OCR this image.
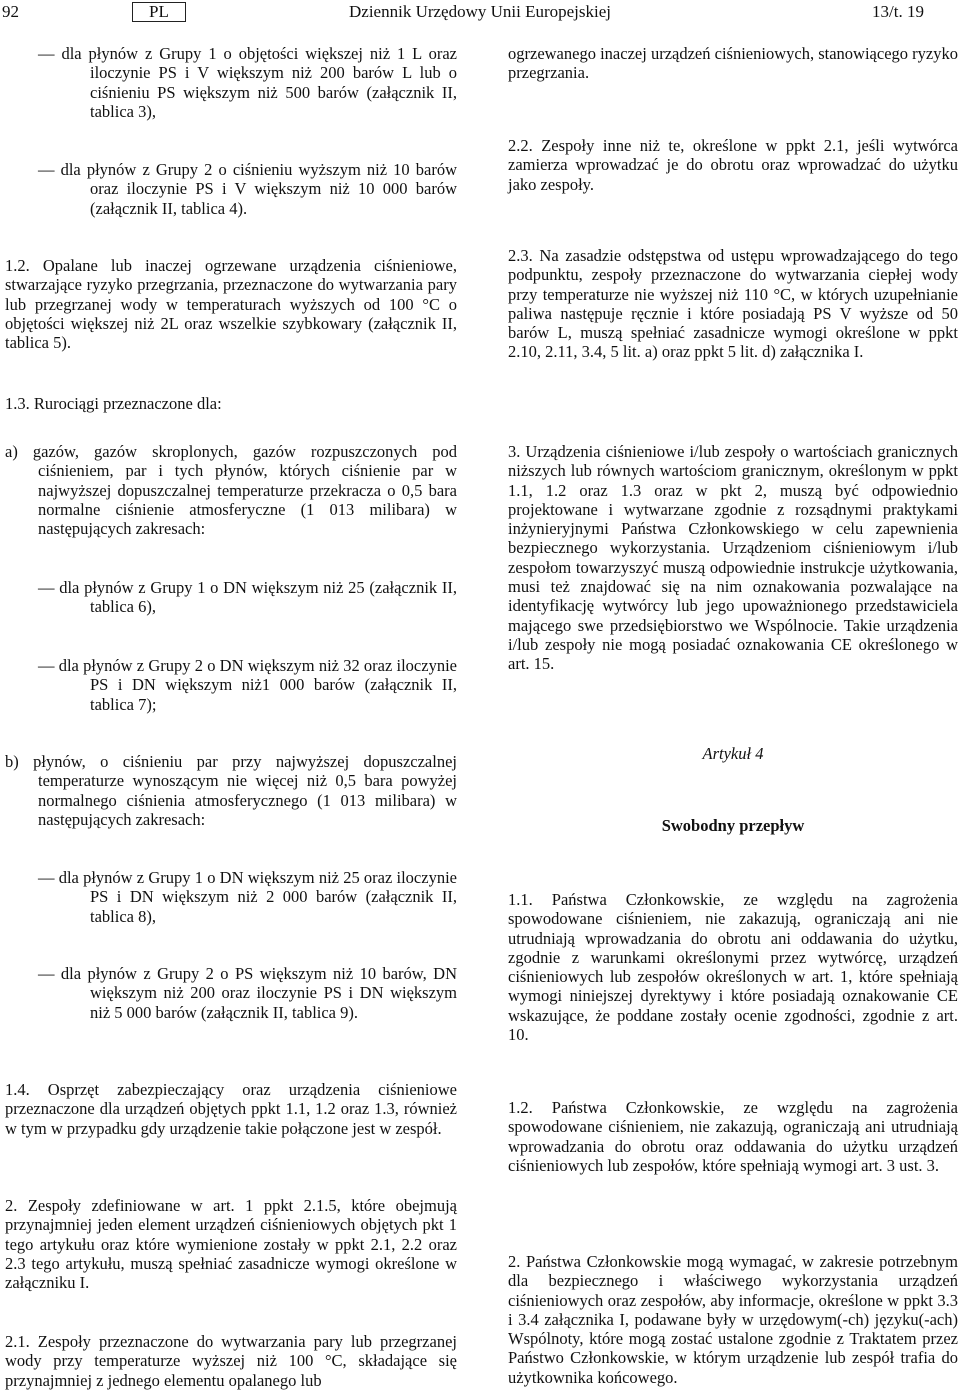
92	PL	Dziennik Urzędowy Unii Europejskiej	13/t. 19
— dla płynów z Grupy 1 o objętości większej niż 1 L oraz iloczynie PS i V większym niż 200 barów L lub o ciśnieniu PS większym niż 500 barów (załącznik II, tablica 3),
— dla płynów z Grupy 2 o ciśnieniu wyższym niż 10 barów oraz iloczynie PS i V większym niż 10 000 barów (załącznik II, tablica 4).
1.2. Opalane lub inaczej ogrzewane urządzenia ciśnieniowe, stwarzające ryzyko przegrzania, przeznaczone do wytwarzania pary lub przegrzanej wody w temperaturach wyższych od 100 °C o objętości większej niż 2L oraz wszelkie szybkowary (załącznik II, tablica 5).
1.3. Rurociągi przeznaczone dla:
a) gazów, gazów skroplonych, gazów rozpuszczonych pod ciśnieniem, par i tych płynów, których ciśnienie par w najwyższej dopuszczalnej temperaturze przekracza o 0,5 bara normalne ciśnienie atmosferyczne (1 013 milibara) w następujących zakresach:
— dla płynów z Grupy 1 o DN większym niż 25 (załącznik II, tablica 6),
— dla płynów z Grupy 2 o DN większym niż 32 oraz iloczynie PS i DN większym niż1 000 barów (załącznik II, tablica 7);
b) płynów, o ciśnieniu par przy najwyższej dopuszczalnej temperaturze wynoszącym nie więcej niż 0,5 bara powyżej normalnego ciśnienia atmosferycznego (1 013 milibara) w następujących zakresach:
— dla płynów z Grupy 1 o DN większym niż 25 oraz iloczynie PS i DN większym niż 2 000 barów (załącznik II, tablica 8),
— dla płynów z Grupy 2 o PS większym niż 10 barów, DN większym niż 200 oraz iloczynie PS i DN większym niż 5 000 barów (załącznik II, tablica 9).
1.4. Osprzęt zabezpieczający oraz urządzenia ciśnieniowe przeznaczone dla urządzeń objętych ppkt 1.1, 1.2 oraz 1.3, również w tym w przypadku gdy urządzenie takie połączone jest w zespół.
2. Zespoły zdefiniowane w art. 1 ppkt 2.1.5, które obejmują przynajmniej jeden element urządzeń ciśnieniowych objętych pkt 1 tego artykułu oraz które wymienione zostały w ppkt 2.1, 2.2 oraz 2.3 tego artykułu, muszą spełniać zasadnicze wymogi określone w załączniku I.
2.1. Zespoły przeznaczone do wytwarzania pary lub przegrzanej wody przy temperaturze wyższej niż 100 °C, składające się przynajmniej z jednego elementu opalanego lub
ogrzewanego inaczej urządzeń ciśnieniowych, stanowiącego ryzyko przegrzania.
2.2. Zespoły inne niż te, określone w ppkt 2.1, jeśli wytwórca zamierza wprowadzać je do obrotu oraz wprowadzać do użytku jako zespoły.
2.3. Na zasadzie odstępstwa od ustępu wprowadzającego do tego podpunktu, zespoły przeznaczone do wytwarzania ciepłej wody przy temperaturze nie wyższej niż 110 °C, w których uzupełnianie paliwa następuje ręcznie i które posiadają PS V wyższe od 50 barów L, muszą spełniać zasadnicze wymogi określone w ppkt 2.10, 2.11, 3.4, 5 lit. a) oraz ppkt 5 lit. d) załącznika I.
3. Urządzenia ciśnieniowe i/lub zespoły o wartościach granicznych niższych lub równych wartościom granicznym, określonym w ppkt 1.1, 1.2 oraz 1.3 oraz w pkt 2, muszą być odpowiednio projektowane i wytwarzane zgodnie z rozsądnymi praktykami inżynieryjnymi Państwa Członkowskiego w celu zapewnienia bezpiecznego wykorzystania. Urządzeniom ciśnieniowym i/lub zespołom towarzyszyć muszą odpowiednie instrukcje użytkowania, musi też znajdować się na nim oznakowania pozwalające na identyfikację wytwórcy lub jego upoważnionego przedstawiciela mającego swe przedsiębiorstwo we Wspólnocie. Takie urządzenia i/lub zespoły nie mogą posiadać oznakowania CE określonego w art. 15.
Artykuł 4
Swobodny przepływ
1.1. Państwa Członkowskie, ze względu na zagrożenia spowodowane ciśnieniem, nie zakazują, ograniczają ani nie utrudniają wprowadzania do obrotu ani oddawania do użytku, zgodnie z warunkami określonymi przez wytwórcę, urządzeń ciśnieniowych lub zespołów określonych w art. 1, które spełniają wymogi niniejszej dyrektywy i które posiadają oznakowanie CE wskazujące, że poddane zostały ocenie zgodności, zgodnie z art. 10.
1.2. Państwa Członkowskie, ze względu na zagrożenia spowodowane ciśnieniem, nie zakazują, ograniczają ani utrudniają wprowadzania do obrotu oraz oddawania do użytku urządzeń ciśnieniowych lub zespołów, które spełniają wymogi art. 3 ust. 3.
2. Państwa Członkowskie mogą wymagać, w zakresie potrzebnym dla bezpiecznego i właściwego wykorzystania urządzeń ciśnieniowych oraz zespołów, aby informacje, określone w ppkt 3.3 i 3.4 załącznika I, podawane były w urzędowym(-ch) języku(-ach) Wspólnoty, które mogą zostać ustalone zgodnie z Traktatem przez Państwo Członkowskie, w którym urządzenie lub zespół trafia do użytkownika końcowego.
